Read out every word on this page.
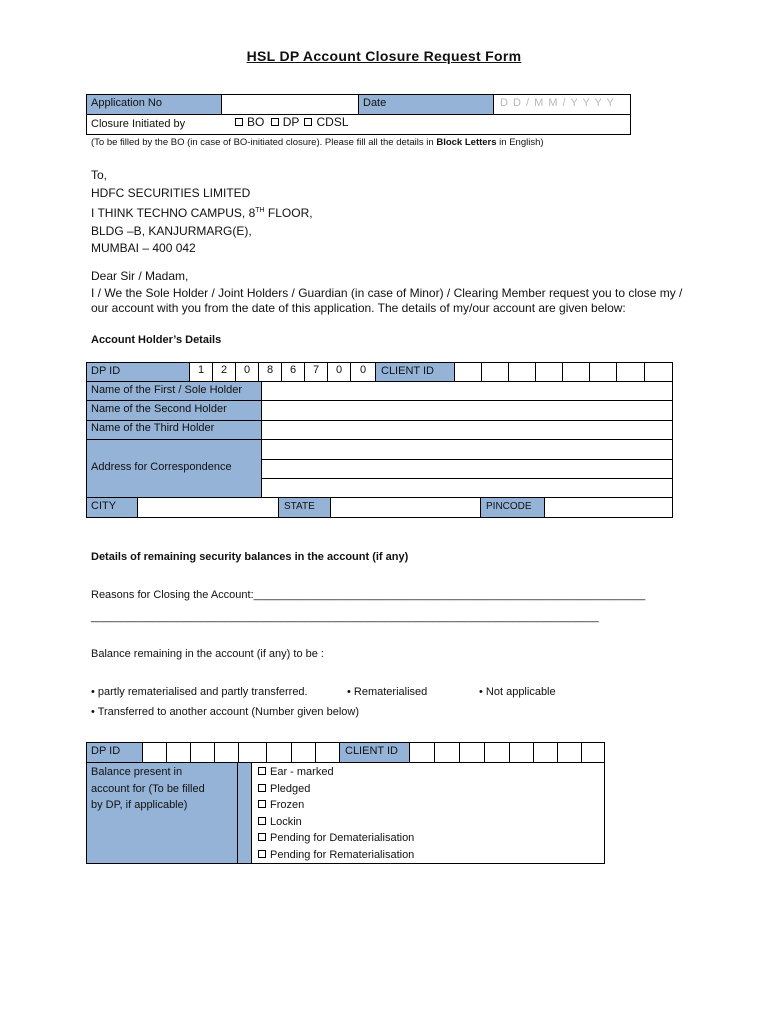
HSL DP Account Closure Request Form
Application No	Date	D D / M M / Y Y Y Y
Closure Initiated by	BO DP CDSL
(To be filled by the BO (in case of BO-initiated closure). Please fill all the details in Block Letters in English)
To,
HDFC SECURITIES LIMITED
I THINK TECHNO CAMPUS, 8TH FLOOR,
BLDG –B, KANJURMARG(E),
MUMBAI – 400 042
Dear Sir / Madam,
I / We the Sole Holder / Joint Holders / Guardian (in case of Minor) / Clearing Member request you to close my /
our account with you from the date of this application. The details of my/our account are given below:
Account Holder’s Details
DP ID	1	2	0	8	6	7	0	0	CLIENT ID
Name of the First / Sole Holder
Name of the Second Holder
Name of the Third Holder
Address for Correspondence
CITY	STATE	PINCODE
Details of remaining security balances in the account (if any)
Reasons for Closing the Account:________________________________________________________________
___________________________________________________________________________________
Balance remaining in the account (if any) to be :
• partly rematerialised and partly transferred.	• Rematerialised	• Not applicable
• Transferred to another account (Number given below)
DP ID	CLIENT ID
Balance present in
account for (To be filled
by DP, if applicable)
Ear - marked
Pledged
Frozen
Lockin
Pending for Dematerialisation
Pending for Rematerialisation
